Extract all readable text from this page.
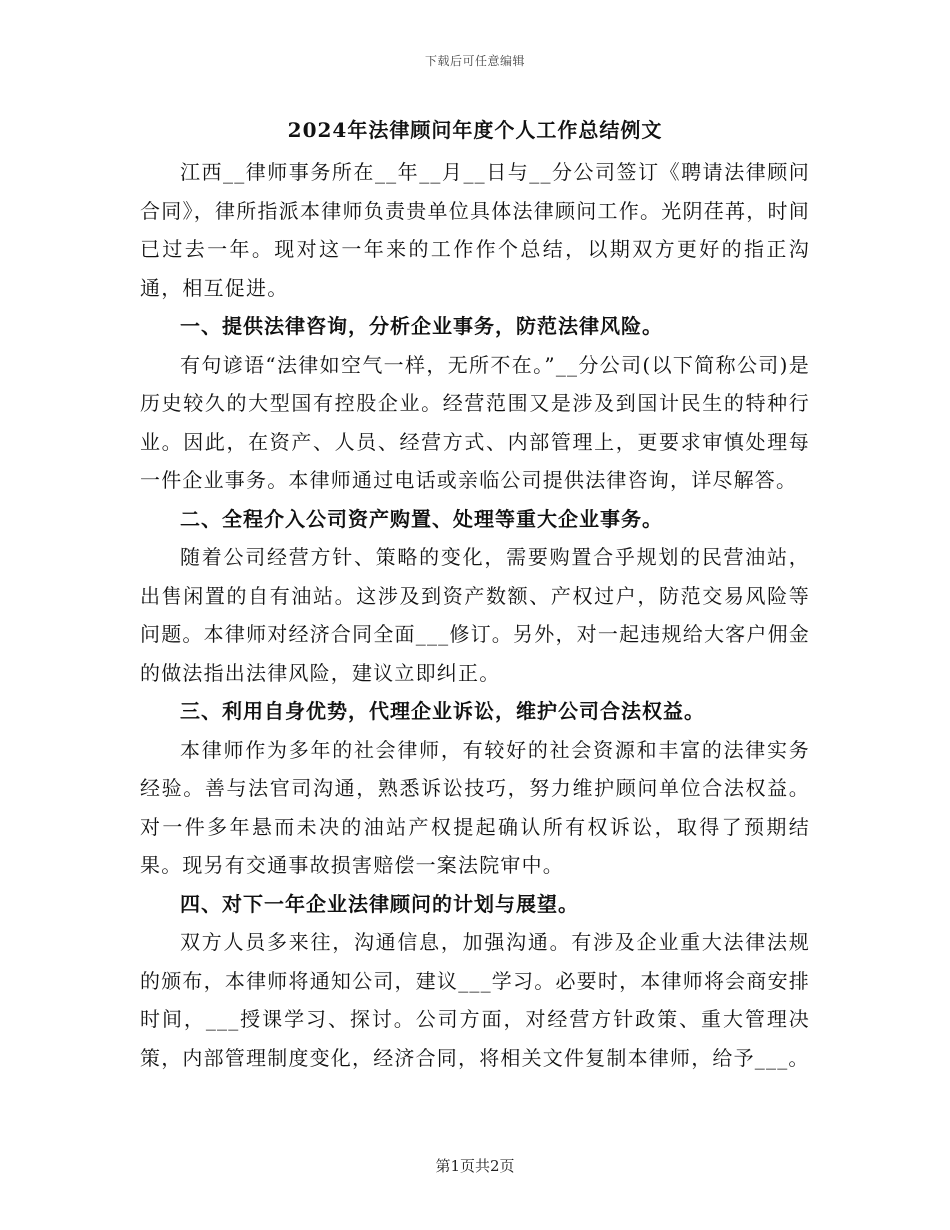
下载后可任意编辑
2024年法律顾问年度个人工作总结例文

江西__律师事务所在__年__月__日与__分公司签订《聘请法律顾问合同》，律所指派本律师负责贵单位具体法律顾问工作。光阴荏苒，时间已过去一年。现对这一年来的工作作个总结，以期双方更好的指正沟通，相互促进。

一、提供法律咨询，分析企业事务，防范法律风险。

有句谚语“法律如空气一样，无所不在。”__分公司(以下简称公司)是历史较久的大型国有控股企业。经营范围又是涉及到国计民生的特种行业。因此，在资产、人员、经营方式、内部管理上，更要求审慎处理每一件企业事务。本律师通过电话或亲临公司提供法律咨询，详尽解答。

二、全程介入公司资产购置、处理等重大企业事务。

随着公司经营方针、策略的变化，需要购置合乎规划的民营油站，出售闲置的自有油站。这涉及到资产数额、产权过户，防范交易风险等问题。本律师对经济合同全面___修订。另外，对一起违规给大客户佣金的做法指出法律风险，建议立即纠正。

三、利用自身优势，代理企业诉讼，维护公司合法权益。

本律师作为多年的社会律师，有较好的社会资源和丰富的法律实务经验。善与法官司沟通，熟悉诉讼技巧，努力维护顾问单位合法权益。对一件多年悬而未决的油站产权提起确认所有权诉讼，取得了预期结果。现另有交通事故损害赔偿一案法院审中。

四、对下一年企业法律顾问的计划与展望。

双方人员多来往，沟通信息，加强沟通。有涉及企业重大法律法规的颁布，本律师将通知公司，建议___学习。必要时，本律师将会商安排时间，___授课学习、探讨。公司方面，对经营方针政策、重大管理决策，内部管理制度变化，经济合同，将相关文件复制本律师，给予___。

第1页共2页
